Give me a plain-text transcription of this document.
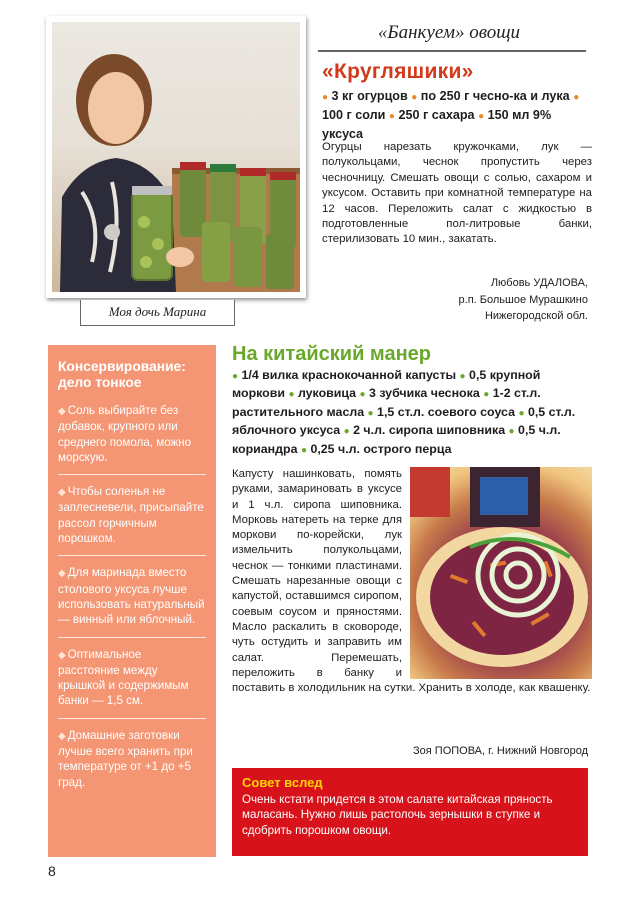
Моя дочь Марина
«Банкуем» овощи
«Кругляшики»
● 3 кг огурцов ● по 250 г чесно-ка и лука ● 100 г соли ● 250 г сахара ● 150 мл 9% уксуса
Огурцы нарезать кружочками, лук — полукольцами, чеснок пропустить через чесночницу. Смешать овощи с солью, сахаром и уксусом. Оставить при комнатной температуре на 12 часов. Переложить салат с жидкостью в подготовленные пол-литровые банки, стерилизовать 10 мин., закатать.
Любовь УДАЛОВА,
р.п. Большое Мурашкино
Нижегородской обл.
Консервирование: дело тонкое
◆ Соль выбирайте без добавок, крупного или среднего помола, можно морскую.
◆ Чтобы соленья не заплесневели, присыпайте рассол горчичным порошком.
◆ Для маринада вместо столового уксуса лучше использовать натуральный — винный или яблочный.
◆ Оптимальное расстояние между крышкой и содержимым банки — 1,5 см.
◆ Домашние заготовки лучше всего хранить при температуре от +1 до +5 град.
На китайский манер
● 1/4 вилка краснокочанной капусты ● 0,5 крупной моркови ● луковица ● 3 зубчика чеснока ● 1-2 ст.л. растительного масла ● 1,5 ст.л. соевого соуса ● 0,5 ст.л. яблочного уксуса ● 2 ч.л. сиропа шиповника ● 0,5 ч.л. кориандра ● 0,25 ч.л. острого перца
Капусту нашинковать, помять руками, замариновать в уксусе и 1 ч.л. сиропа шиповника. Морковь натереть на терке для моркови по-корейски, лук измельчить полукольцами, чеснок — тонкими пластинами. Смешать нарезанные овощи с капустой, оставшимся сиропом, соевым соусом и пряностями. Масло раскалить в сковороде, чуть остудить и заправить им салат. Перемешать, переложить в банку и поставить в холодильник на сутки. Хранить в холоде, как квашенку.
Зоя ПОПОВА, г. Нижний Новгород
Совет вслед
Очень кстати придется в этом салате китайская пряность маласань. Нужно лишь растолочь зернышки в ступке и сдобрить порошком овощи.
8
